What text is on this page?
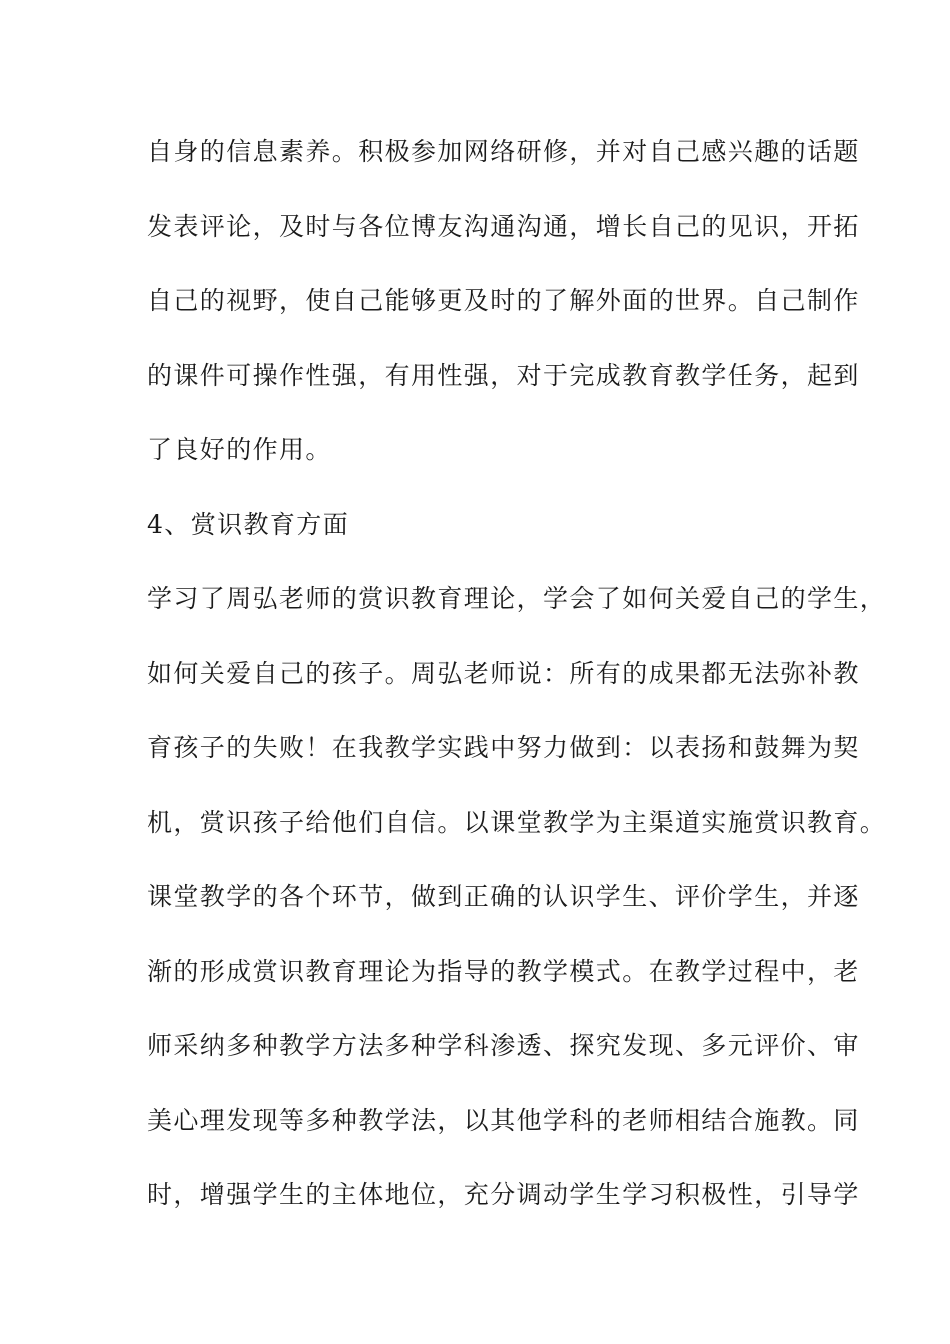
自身的信息素养。积极参加网络研修，并对自己感兴趣的话题
发表评论，及时与各位博友沟通沟通，增长自己的见识，开拓
自己的视野，使自己能够更及时的了解外面的世界。自己制作
的课件可操作性强，有用性强，对于完成教育教学任务，起到
了良好的作用。
4、赏识教育方面
学习了周弘老师的赏识教育理论，学会了如何关爱自己的学生，
如何关爱自己的孩子。周弘老师说：所有的成果都无法弥补教
育孩子的失败！在我教学实践中努力做到：以表扬和鼓舞为契
机，赏识孩子给他们自信。以课堂教学为主渠道实施赏识教育。
课堂教学的各个环节，做到正确的认识学生、评价学生，并逐
渐的形成赏识教育理论为指导的教学模式。在教学过程中，老
师采纳多种教学方法多种学科渗透、探究发现、多元评价、审
美心理发现等多种教学法，以其他学科的老师相结合施教。同
时，增强学生的主体地位，充分调动学生学习积极性，引导学
